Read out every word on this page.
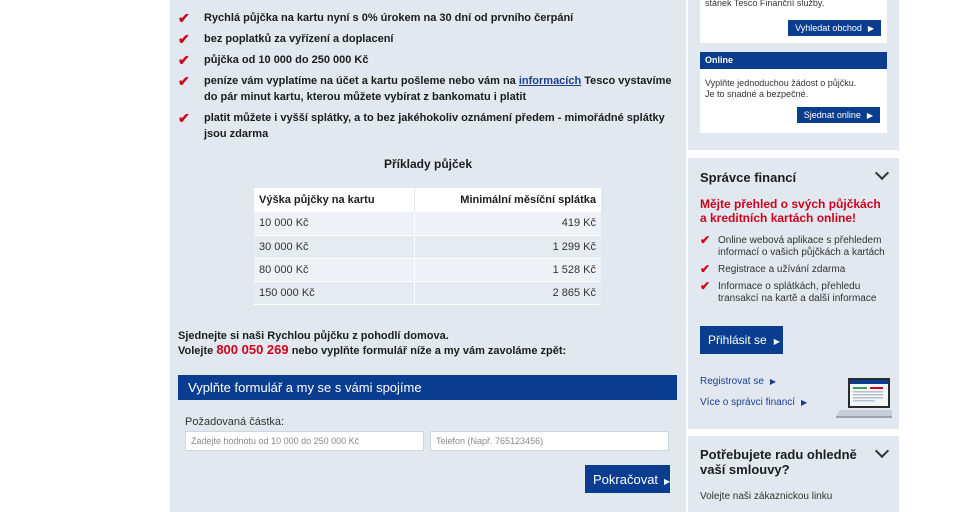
✔ Rychlá půjčka na kartu nyní s 0% úrokem na 30 dní od prvního čerpání
✔ bez poplatků za vyřízení a doplacení
✔ půjčka od 10 000 do 250 000 Kč
✔ peníze vám vyplatíme na účet a kartu pošleme nebo vám na informacích Tesco vystavíme do pár minut kartu, kterou můžete vybírat z bankomatu i platit
✔ platit můžete i vyšší splátky, a to bez jakéhokoliv oznámení předem - mimořádné splátky jsou zdarma
Příklady půjček
Výška půjčky na kartu	Minimální měsíční splátka
10 000 Kč	419 Kč
30 000 Kč	1 299 Kč
80 000 Kč	1 528 Kč
150 000 Kč	2 865 Kč
Sjednejte si naši Rychlou půjčku z pohodlí domova.
Volejte 800 050 269 nebo vyplňte formulář níže a my vám zavoláme zpět:
Vyplňte formulář a my se s vámi spojíme
Požadovaná částka:
Zadejte hodnotu od 10 000 do 250 000 Kč
Telefon (Např. 765123456)
Pokračovat ▶
stánek Tesco Finanční služby.
Vyhledat obchod ▶
Online
Vyplňte jednoduchou žádost o půjčku.
Je to snadné a bezpečné.
Sjednat online ▶
Správce financí
Mějte přehled o svých půjčkách a kreditních kartách online!
✔ Online webová aplikace s přehledem informací o vašich půjčkách a kartách
✔ Registrace a užívání zdarma
✔ Informace o splátkách, přehledu transakcí na kartě a další informace
Přihlásit se ▶
Registrovat se ▶
Více o správci financí ▶
Potřebujete radu ohledně vaší smlouvy?
Volejte naši zákaznickou linku
